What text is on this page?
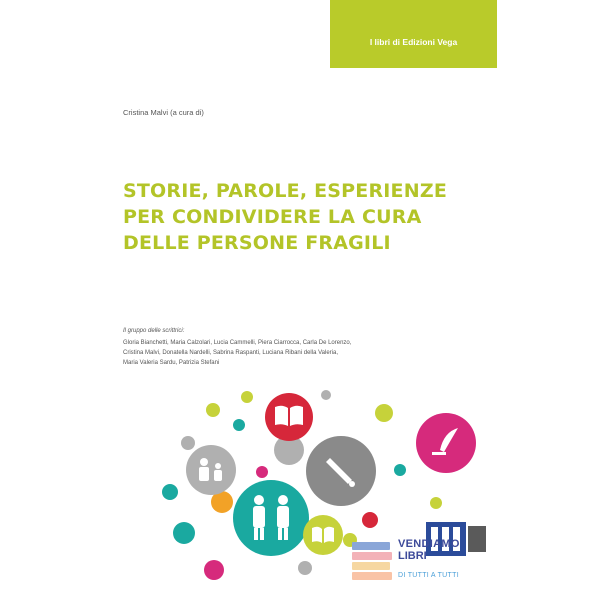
I libri di Edizioni Vega
Cristina Malvi (a cura di)
STORIE, PAROLE, ESPERIENZE
PER CONDIVIDERE LA CURA
DELLE PERSONE FRAGILI
Il gruppo delle scrittrici:
Gloria Bianchetti, Maria Calzolari, Lucia Cammelli, Piera Ciarrocca, Carla De Lorenzo,
Cristina Malvi, Donatella Nardelli, Sabrina Raspanti, Luciana Ribani della Valeria,
Maria Valeria Sardu, Patrizia Stefani
VENDIAMO
LIBRI
DI TUTTI A TUTTI
